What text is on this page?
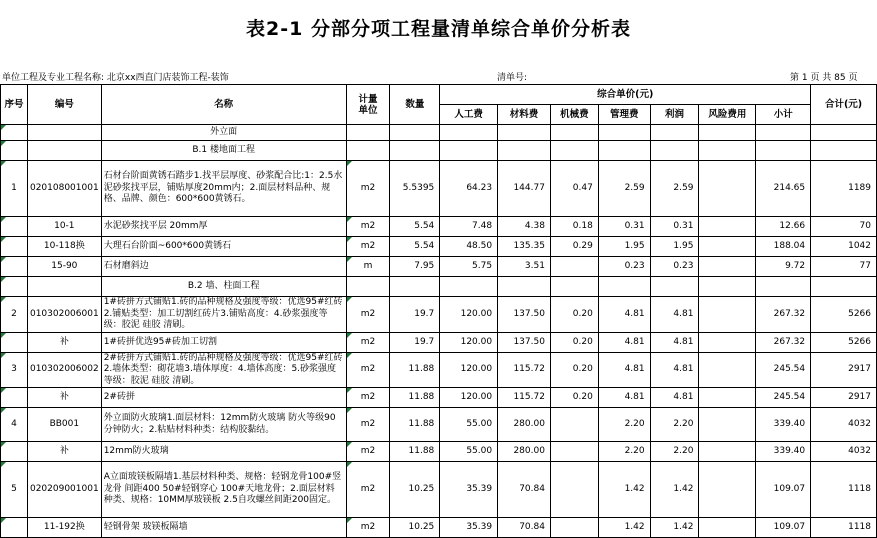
表2-1 分部分项工程量清单综合单价分析表
单位工程及专业工程名称: 北京xx西直门店装饰工程-装饰	清单号:	第 1 页 共 85 页
序号	编号	名称	计量
单位	数量	综合单价(元)							合计(元)
					人工费	材料费	机械费	管理费	利润	风险费用	小计	

		外立面										

		B.1 楼地面工程										

1	020108001001	石材台阶面黄锈石踏步1.找平层厚度、砂浆配合比:1：2.5水泥砂浆找平层，铺贴厚度20mm内；2.面层材料品种、规格、品牌、颜色：600*600黄锈石。	m2	5.5395	64.23	144.77	0.47	2.59	2.59		214.65	1189

	10-1	水泥砂浆找平层 20mm厚	m2	5.54	7.48	4.38	0.18	0.31	0.31		12.66	70

	10-118换	大理石台阶面~600*600黄锈石	m2	5.54	48.50	135.35	0.29	1.95	1.95		188.04	1042

	15-90	石材磨斜边	m	7.95	5.75	3.51		0.23	0.23		9.72	77

		B.2 墙、柱面工程										

2	010302006001	1#砖拼方式铺贴1.砖的品种规格及强度等级：优选95#红砖2.铺贴类型：加工切割红砖片3.铺贴高度：4.砂浆强度等级：胶泥 硅胶 清刷。	m2	19.7	120.00	137.50	0.20	4.81	4.81		267.32	5266

	补	1#砖拼优选95#砖加工切割	m2	19.7	120.00	137.50	0.20	4.81	4.81		267.32	5266

3	010302006002	2#砖拼方式铺贴1.砖的品种规格及强度等级：优选95#红砖2.墙体类型：砌花墙3.墙体厚度：4.墙体高度：5.砂浆强度等级：胶泥 硅胶 清刷。	m2	11.88	120.00	115.72	0.20	4.81	4.81		245.54	2917

	补	2#砖拼	m2	11.88	120.00	115.72	0.20	4.81	4.81		245.54	2917

4	BB001	外立面防火玻璃1.面层材料：12mm防火玻璃 防火等级90分钟防火；2.粘贴材料种类：结构胶黏结。	m2	11.88	55.00	280.00		2.20	2.20		339.40	4032

	补	12mm防火玻璃	m2	11.88	55.00	280.00		2.20	2.20		339.40	4032

5	020209001001	A立面玻镁板隔墙1.基层材料种类、规格：轻钢龙骨100#竖龙骨 间距400 50#轻钢穿心 100#天地龙骨；2.面层材料种类、规格：10MM厚玻镁板 2.5自攻螺丝间距200固定。	m2	10.25	35.39	70.84		1.42	1.42		109.07	1118

	11-192换	轻钢骨架 玻镁板隔墙	m2	10.25	35.39	70.84		1.42	1.42		109.07	1118
